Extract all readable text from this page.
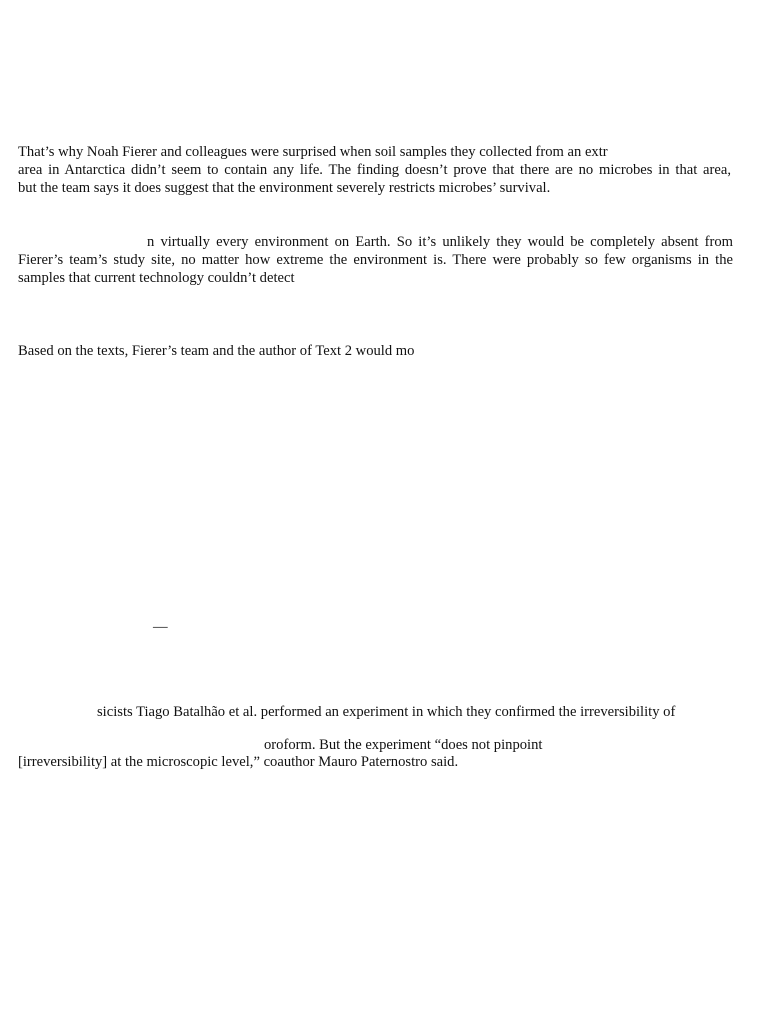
That’s why Noah Fierer and colleagues were surprised when soil samples they collected from an extr
area in Antarctica didn’t seem to contain any life. The finding doesn’t prove that there are no microbes in that area,
but the team says it does suggest that the environment severely restricts microbes’ survival.
n virtually every environment on Earth. So it’s unlikely they would be completely absent from
Fierer’s team’s study site, no matter how extreme the environment is. There were probably so few organisms in the
samples that current technology couldn’t detect
Based on the texts, Fierer’s team and the author of Text 2 would mo
—
sicists Tiago Batalhão et al. performed an experiment in which they confirmed the irreversibility of
oroform. But the experiment “does not pinpoint
[irreversibility] at the microscopic level,” coauthor Mauro Paternostro said.
